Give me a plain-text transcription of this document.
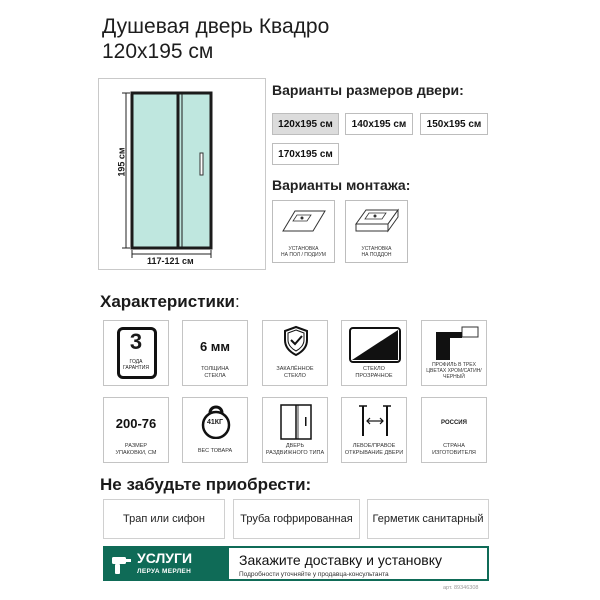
Душевая дверь Квадро
120x195 см
195 см
117-121 см
Варианты размеров двери:
120x195 см	140x195 см	150x195 см
170x195 см
Варианты монтажа:
УСТАНОВКА
НА ПОЛ / ПОДИУМ
УСТАНОВКА
НА ПОДДОН
Характеристики:
3
ГОДА
ГАРАНТИЯ
6 мм
ТОЛЩИНА
СТЕКЛА
ЗАКАЛЁННОЕ
СТЕКЛО
СТЕКЛО
ПРОЗРАЧНОЕ
ПРОФИЛЬ В ТРЕХ
ЦВЕТАХ ХРОМ/САТИН/
ЧЕРНЫЙ
200-76
РАЗМЕР
УПАКОВКИ, СМ
41КГ
ВЕС ТОВАРА
ДВЕРЬ
РАЗДВИЖНОГО ТИПА
ЛЕВОЕ/ПРАВОЕ
ОТКРЫВАНИЕ ДВЕРИ
РОССИЯ
СТРАНА
ИЗГОТОВИТЕЛЯ
Не забудьте приобрести:
Трап или сифон	Труба гофрированная	Герметик санитарный
УСЛУГИ
ЛЕРУА МЕРЛЕН
Закажите доставку и установку
Подробности уточняйте у продавца-консультанта
арт. 89346308
